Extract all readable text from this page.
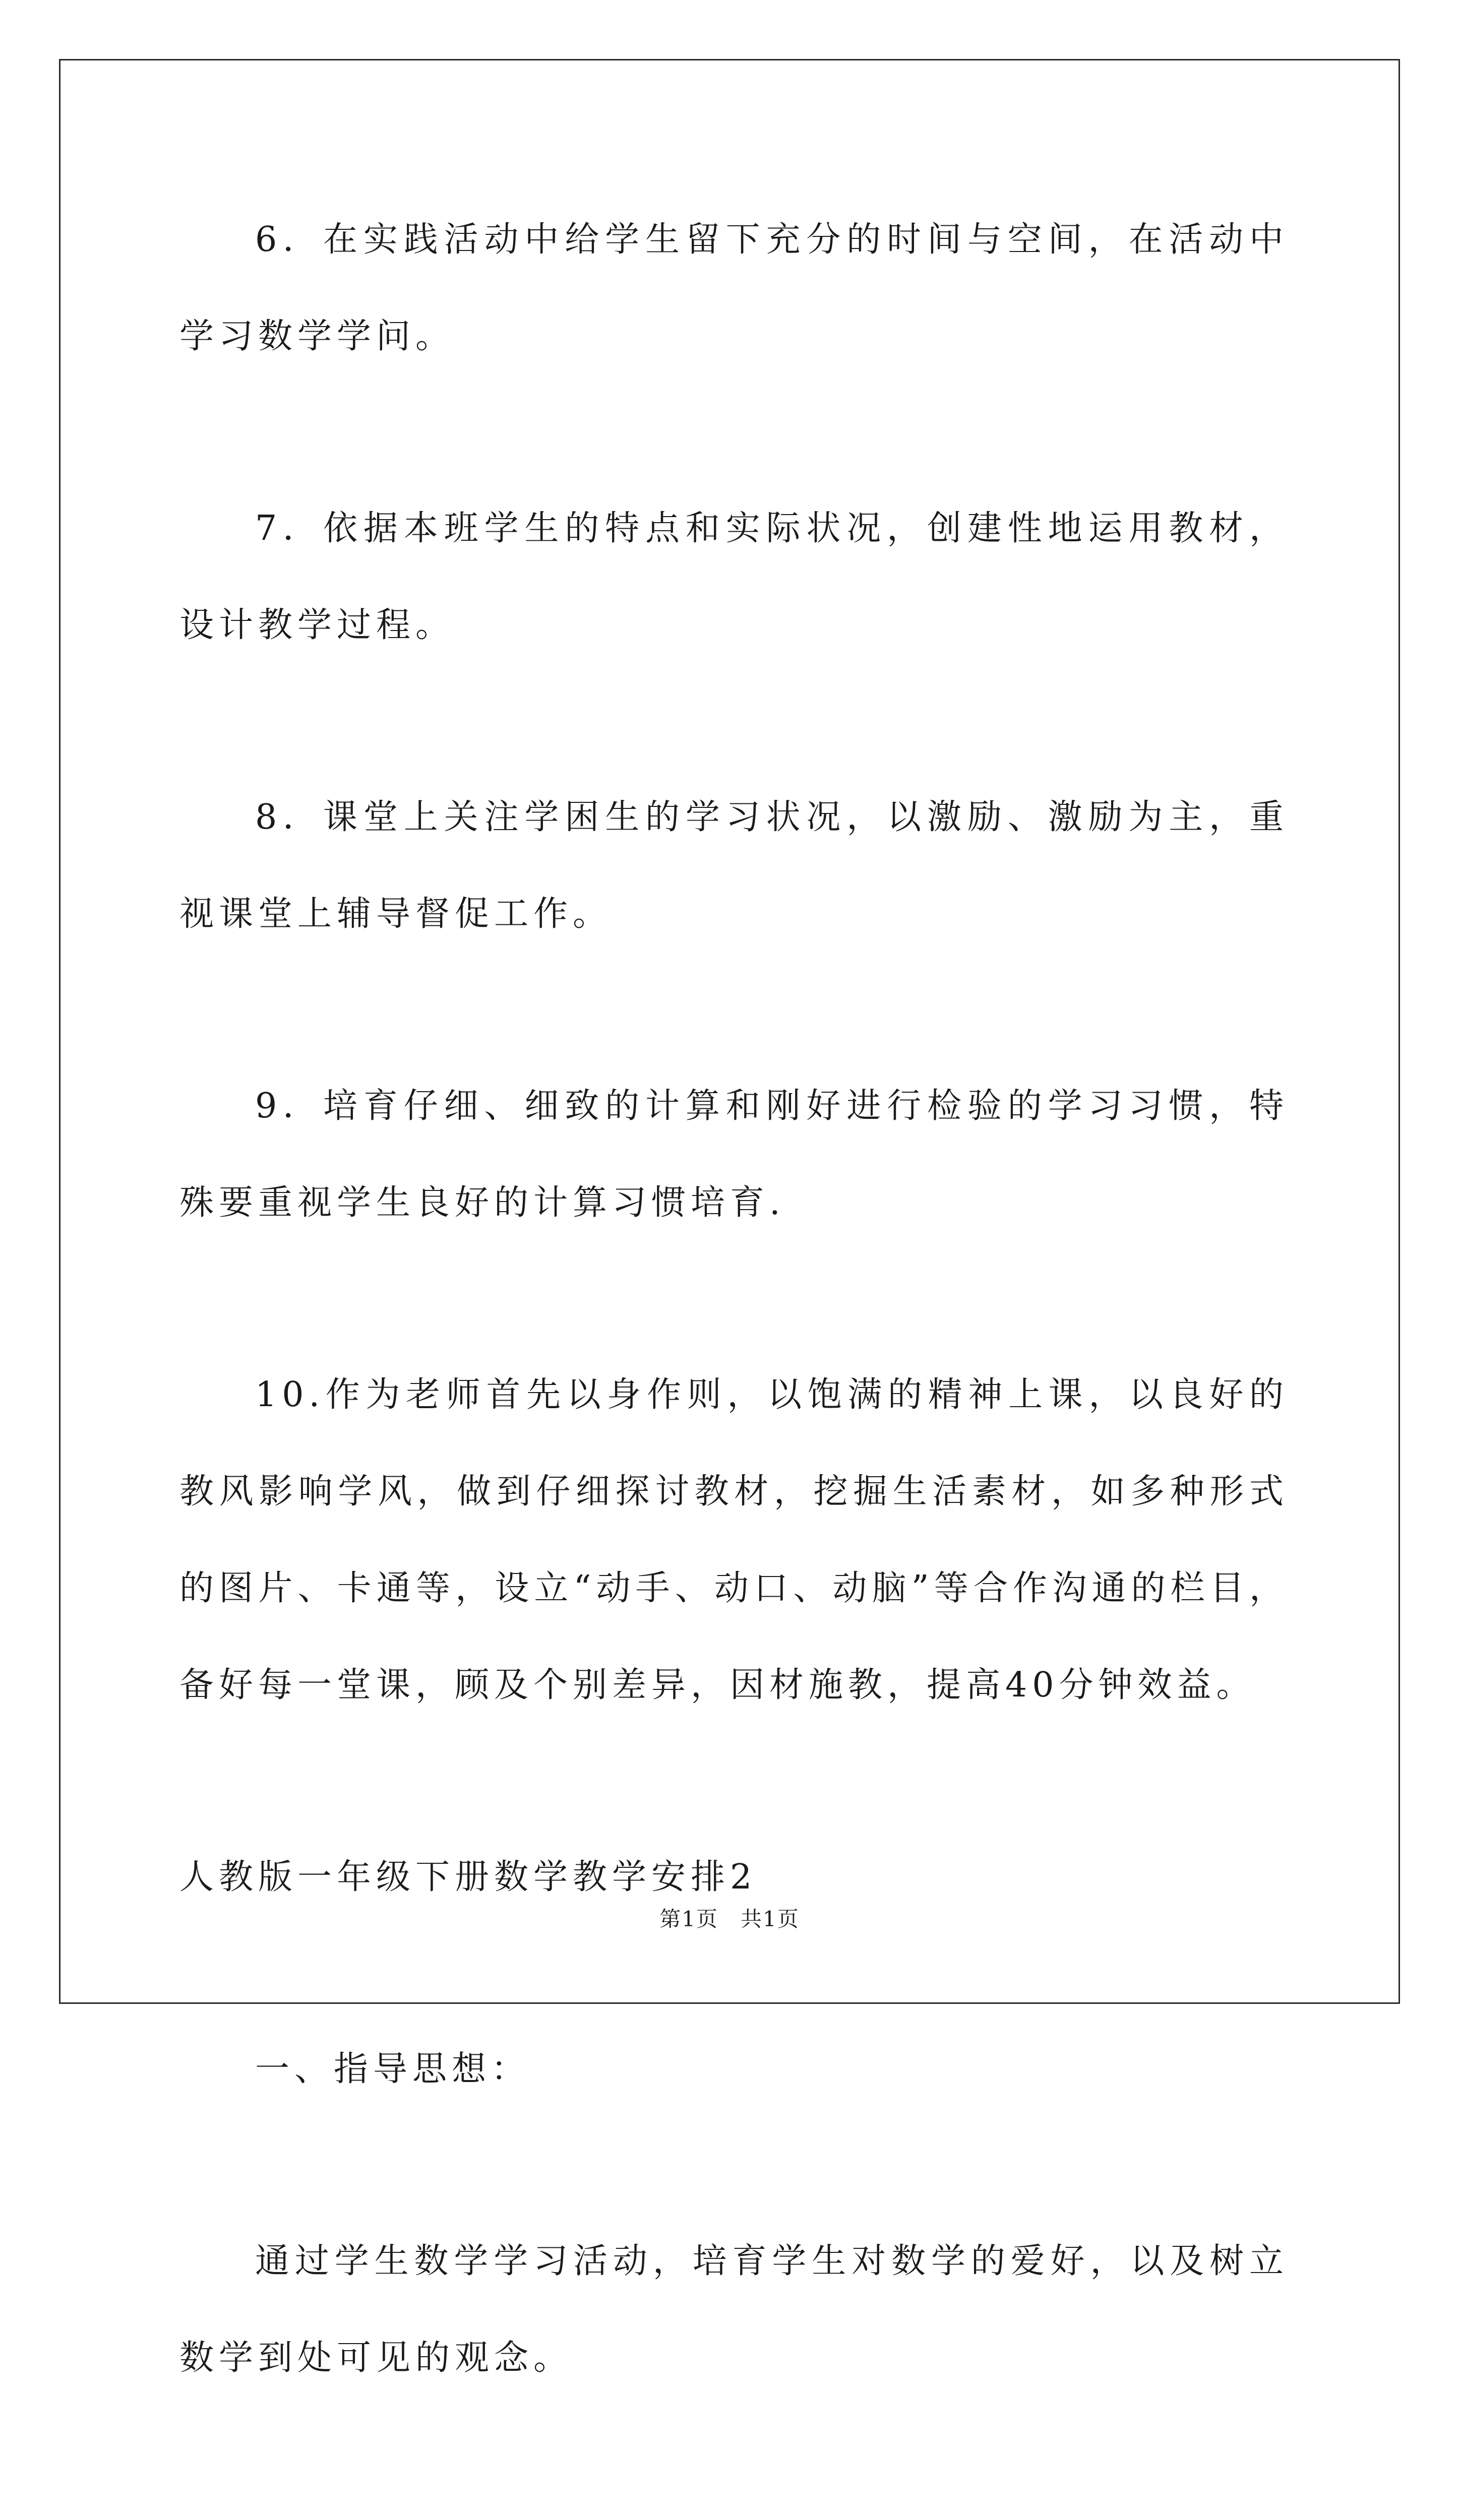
6．在实践活动中给学生留下充分的时间与空间，在活动中学习数学学问。

7．依据本班学生的特点和实际状况，创建性地运用教材，设计教学过程。

8．课堂上关注学困生的学习状况，以激励、激励为主，重视课堂上辅导督促工作。

9．培育仔细、细致的计算和刚好进行检验的学习习惯，特殊要重视学生良好的计算习惯培育.

10.作为老师首先以身作则，以饱满的精神上课，以良好的教风影响学风，做到仔细探讨教材，挖掘生活素材，如多种形式的图片、卡通等，设立“动手、动口、动脑”等合作沟通的栏目，备好每一堂课，顾及个别差异，因材施教，提高40分钟效益。

人教版一年级下册数学教学安排2

一、指导思想：

通过学生数学学习活动，培育学生对数学的爱好，以及树立数学到处可见的观念。

第1页　共1页
